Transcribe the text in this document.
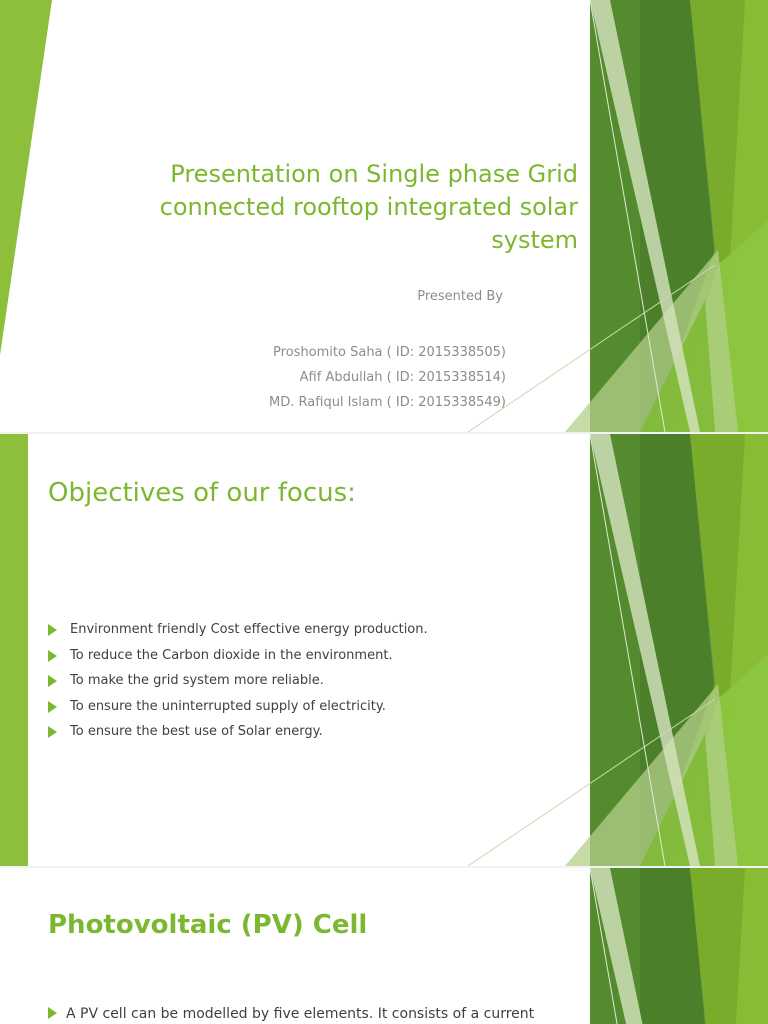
Presentation on Single phase Grid connected rooftop integrated solar system
Presented By
Proshomito Saha ( ID: 2015338505)
Afif Abdullah ( ID: 2015338514)
MD. Rafiqul Islam ( ID: 2015338549)
Objectives of our focus:
Environment friendly Cost effective energy production.
To reduce the Carbon dioxide in the environment.
To make the grid system more reliable.
To ensure the uninterrupted supply of electricity.
To ensure the best use of Solar energy.
Photovoltaic (PV) Cell
A PV cell can be modelled by five elements. It consists of a current
